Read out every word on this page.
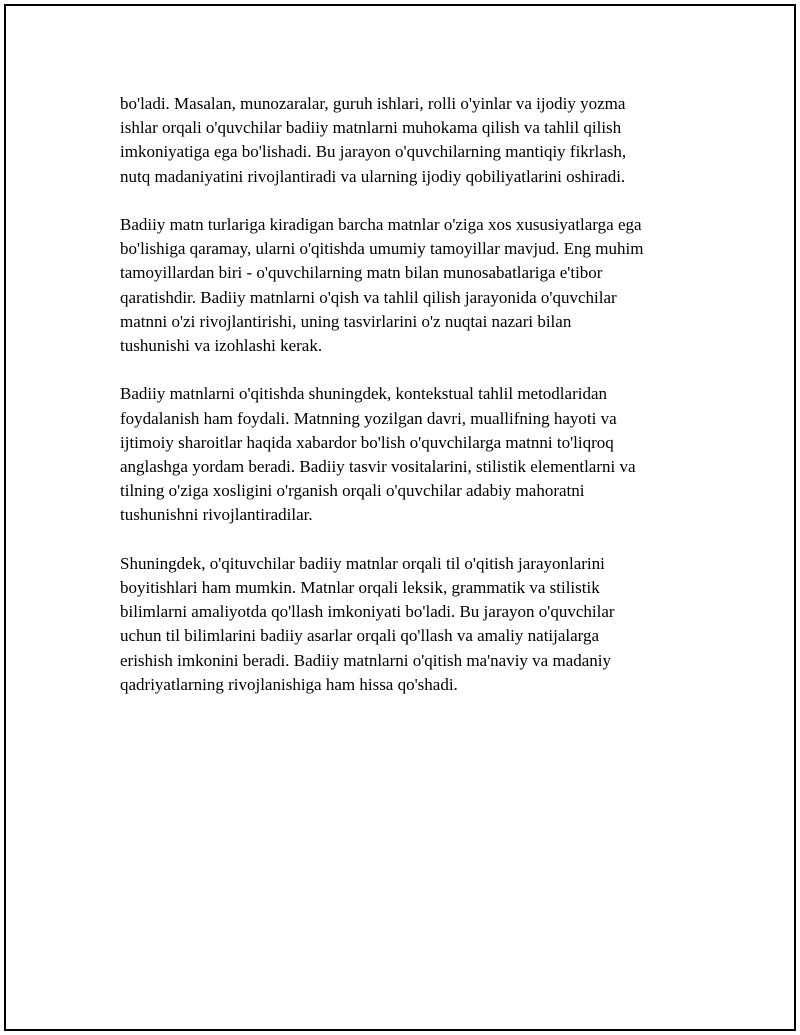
bo'ladi. Masalan, munozaralar, guruh ishlari, rolli o'yinlar va ijodiy yozma
ishlar orqali o'quvchilar badiiy matnlarni muhokama qilish va tahlil qilish
imkoniyatiga ega bo'lishadi. Bu jarayon o'quvchilarning mantiqiy fikrlash,
nutq madaniyatini rivojlantiradi va ularning ijodiy qobiliyatlarini oshiradi.

Badiiy matn turlariga kiradigan barcha matnlar o'ziga xos xususiyatlarga ega
bo'lishiga qaramay, ularni o'qitishda umumiy tamoyillar mavjud. Eng muhim
tamoyillardan biri - o'quvchilarning matn bilan munosabatlariga e'tibor
qaratishdir. Badiiy matnlarni o'qish va tahlil qilish jarayonida o'quvchilar
matnni o'zi rivojlantirishi, uning tasvirlarini o'z nuqtai nazari bilan
tushunishi va izohlashi kerak.

Badiiy matnlarni o'qitishda shuningdek, kontekstual tahlil metodlaridan
foydalanish ham foydali. Matnning yozilgan davri, muallifning hayoti va
ijtimoiy sharoitlar haqida xabardor bo'lish o'quvchilarga matnni to'liqroq
anglashga yordam beradi. Badiiy tasvir vositalarini, stilistik elementlarni va
tilning o'ziga xosligini o'rganish orqali o'quvchilar adabiy mahoratni
tushunishni rivojlantiradilar.

Shuningdek, o'qituvchilar badiiy matnlar orqali til o'qitish jarayonlarini
boyitishlari ham mumkin. Matnlar orqali leksik, grammatik va stilistik
bilimlarni amaliyotda qo'llash imkoniyati bo'ladi. Bu jarayon o'quvchilar
uchun til bilimlarini badiiy asarlar orqali qo'llash va amaliy natijalarga
erishish imkonini beradi. Badiiy matnlarni o'qitish ma'naviy va madaniy
qadriyatlarning rivojlanishiga ham hissa qo'shadi.
